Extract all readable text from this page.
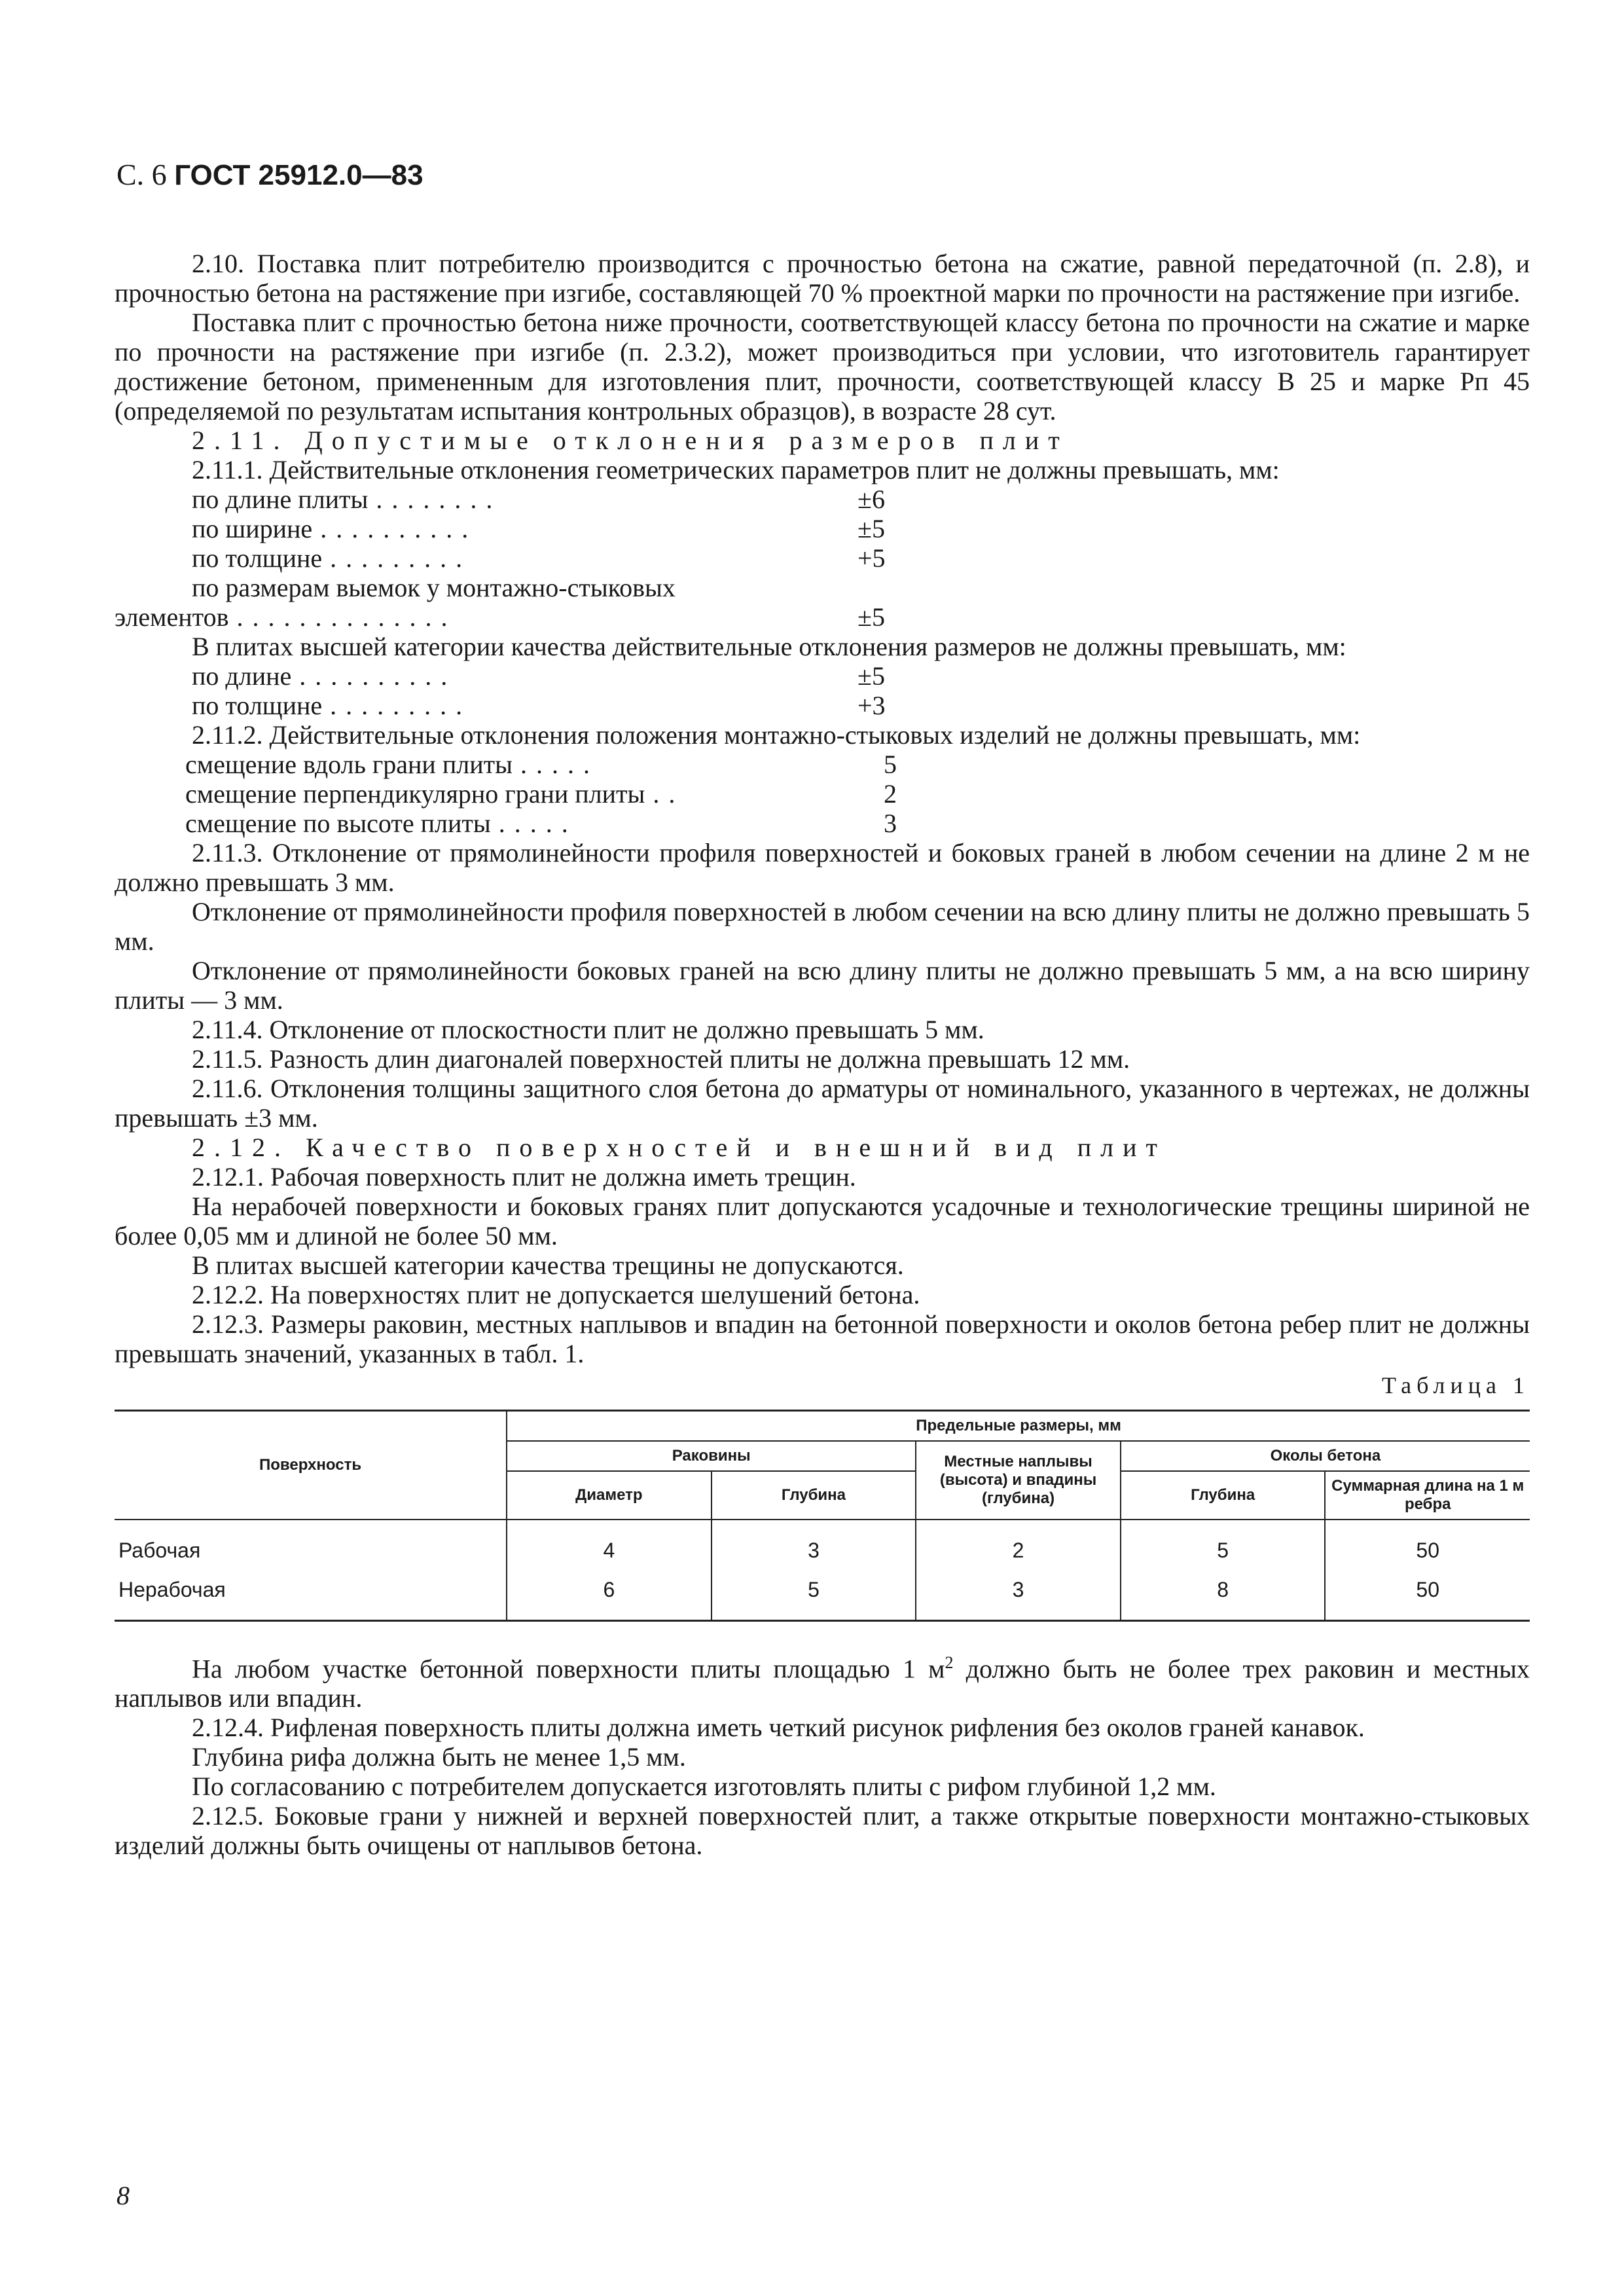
С. 6 ГОСТ 25912.0—83

2.10. Поставка плит потребителю производится с прочностью бетона на сжатие, равной передаточной (п. 2.8), и прочностью бетона на растяжение при изгибе, составляющей 70 % проектной марки по прочности на растяжение при изгибе.

Поставка плит с прочностью бетона ниже прочности, соответствующей классу бетона по прочности на сжатие и марке по прочности на растяжение при изгибе (п. 2.3.2), может производиться при условии, что изготовитель гарантирует достижение бетоном, примененным для изготовления плит, прочности, соответствующей классу В 25 и марке Рп 45 (определяемой по результатам испытания контрольных образцов), в возрасте 28 сут.

2.11. Допустимые отклонения размеров плит

2.11.1. Действительные отклонения геометрических параметров плит не должны превышать, мм:

по длине плиты . . . . . . . .	±6
по ширине . . . . . . . . . .	±5
по толщине . . . . . . . . .	+5
по размерам выемок у монтажно-стыковых
элементов . . . . . . . . . . . . . .	±5

В плитах высшей категории качества действительные отклонения размеров не должны превышать, мм:

по длине . . . . . . . . . .	±5
по толщине . . . . . . . . .	+3

2.11.2. Действительные отклонения положения монтажно-стыковых изделий не должны превышать, мм:

смещение вдоль грани плиты . . . . .	5
смещение перпендикулярно грани плиты . .	2
смещение по высоте плиты . . . . .	3

2.11.3. Отклонение от прямолинейности профиля поверхностей и боковых граней в любом сечении на длине 2 м не должно превышать 3 мм.

Отклонение от прямолинейности профиля поверхностей в любом сечении на всю длину плиты не должно превышать 5 мм.

Отклонение от прямолинейности боковых граней на всю длину плиты не должно превышать 5 мм, а на всю ширину плиты — 3 мм.

2.11.4. Отклонение от плоскостности плит не должно превышать 5 мм.

2.11.5. Разность длин диагоналей поверхностей плиты не должна превышать 12 мм.

2.11.6. Отклонения толщины защитного слоя бетона до арматуры от номинального, указанного в чертежах, не должны превышать ±3 мм.

2.12. Качество поверхностей и внешний вид плит

2.12.1. Рабочая поверхность плит не должна иметь трещин.

На нерабочей поверхности и боковых гранях плит допускаются усадочные и технологические трещины шириной не более 0,05 мм и длиной не более 50 мм.

В плитах высшей категории качества трещины не допускаются.

2.12.2. На поверхностях плит не допускается шелушений бетона.

2.12.3. Размеры раковин, местных наплывов и впадин на бетонной поверхности и околов бетона ребер плит не должны превышать значений, указанных в табл. 1.

Таблица 1
Поверхность	Предельные размеры, мм				
	Раковины		Местные наплывы (высота) и впадины (глубина)	Околы бетона	
	Диаметр	Глубина		Глубина	Суммарная длина на 1 м ребра
Рабочая	4	3	2	5	50
Нерабочая	6	5	3	8	50

На любом участке бетонной поверхности плиты площадью 1 $м^2$ должно быть не более трех раковин и местных наплывов или впадин.

2.12.4. Рифленая поверхность плиты должна иметь четкий рисунок рифления без околов граней канавок.

Глубина рифа должна быть не менее 1,5 мм.

По согласованию с потребителем допускается изготовлять плиты с рифом глубиной 1,2 мм.

2.12.5. Боковые грани у нижней и верхней поверхностей плит, а также открытые поверхности монтажно-стыковых изделий должны быть очищены от наплывов бетона.

8
